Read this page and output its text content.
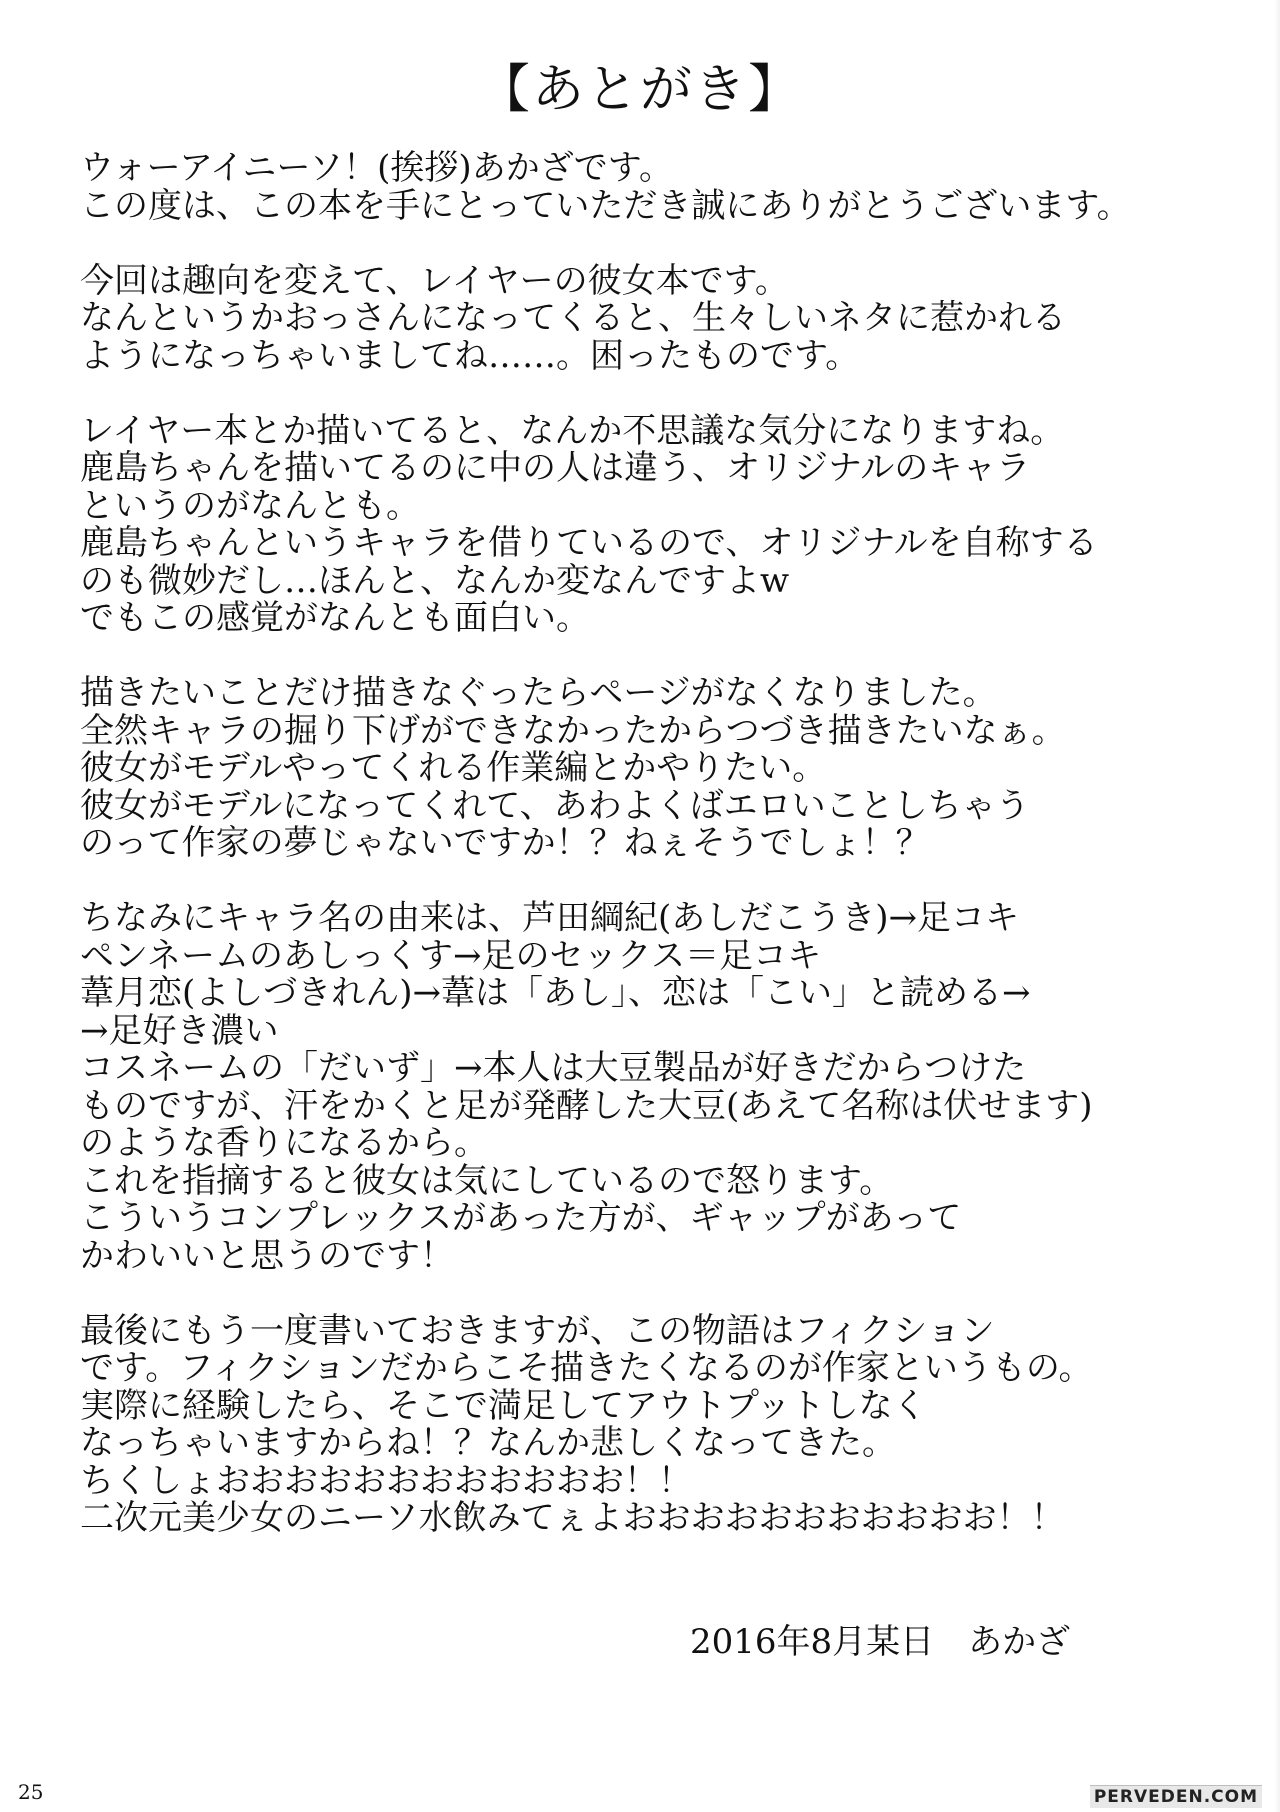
【あとがき】
ウォーアイニーソ！(挨拶)あかざです。
この度は、この本を手にとっていただき誠にありがとうございます。
今回は趣向を変えて、レイヤーの彼女本です。
なんというかおっさんになってくると、生々しいネタに惹かれる
ようになっちゃいましてね……。困ったものです。
レイヤー本とか描いてると、なんか不思議な気分になりますね。
鹿島ちゃんを描いてるのに中の人は違う、オリジナルのキャラ
というのがなんとも。
鹿島ちゃんというキャラを借りているので、オリジナルを自称する
のも微妙だし…ほんと、なんか変なんですよw
でもこの感覚がなんとも面白い。
描きたいことだけ描きなぐったらページがなくなりました。
全然キャラの掘り下げができなかったからつづき描きたいなぁ。
彼女がモデルやってくれる作業編とかやりたい。
彼女がモデルになってくれて、あわよくばエロいことしちゃう
のって作家の夢じゃないですか！？ねぇそうでしょ！？
ちなみにキャラ名の由来は、芦田綱紀(あしだこうき)→足コキ
ペンネームのあしっくす→足のセックス＝足コキ
葦月恋(よしづきれん)→葦は「あし」、恋は「こい」と読める→
→足好き濃い
コスネームの「だいず」→本人は大豆製品が好きだからつけた
ものですが、汗をかくと足が発酵した大豆(あえて名称は伏せます)
のような香りになるから。
これを指摘すると彼女は気にしているので怒ります。
こういうコンプレックスがあった方が、ギャップがあって
かわいいと思うのです！
最後にもう一度書いておきますが、この物語はフィクション
です。フィクションだからこそ描きたくなるのが作家というもの。
実際に経験したら、そこで満足してアウトプットしなく
なっちゃいますからね！？なんか悲しくなってきた。
ちくしょおおおおおおおおおおおお！！
二次元美少女のニーソ水飲みてぇよおおおおおおおおおおお！！
2016年8月某日　あかざ
25	PERVEDEN.COM
